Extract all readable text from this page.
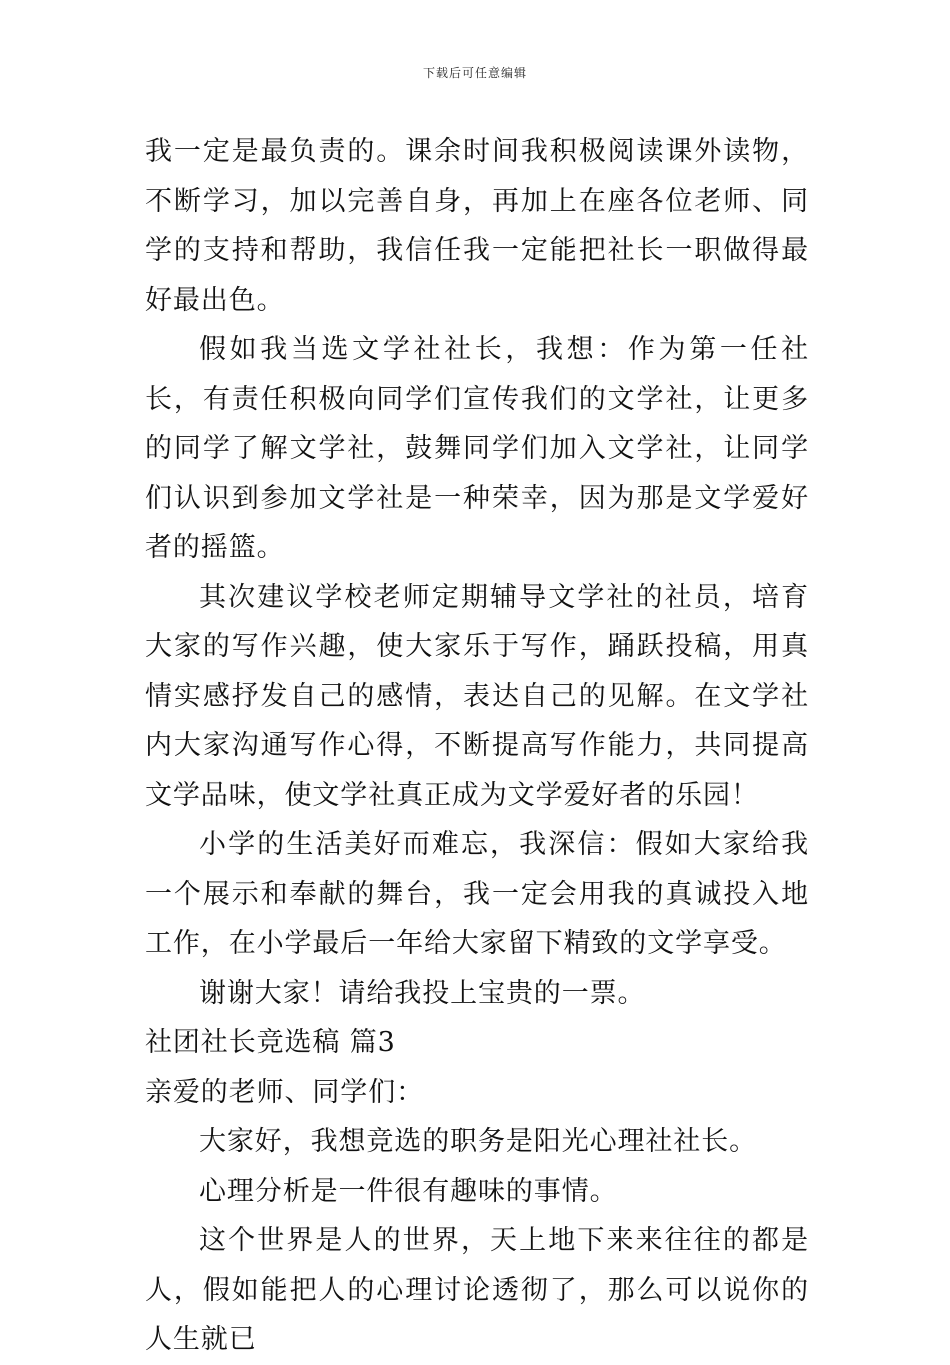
下载后可任意编辑

我一定是最负责的。课余时间我积极阅读课外读物，不断学习，加以完善自身，再加上在座各位老师、同学的支持和帮助，我信任我一定能把社长一职做得最好最出色。

假如我当选文学社社长，我想：作为第一任社长，有责任积极向同学们宣传我们的文学社，让更多的同学了解文学社，鼓舞同学们加入文学社，让同学们认识到参加文学社是一种荣幸，因为那是文学爱好者的摇篮。

其次建议学校老师定期辅导文学社的社员，培育大家的写作兴趣，使大家乐于写作，踊跃投稿，用真情实感抒发自己的感情，表达自己的见解。在文学社内大家沟通写作心得，不断提高写作能力，共同提高文学品味，使文学社真正成为文学爱好者的乐园！

小学的生活美好而难忘，我深信：假如大家给我一个展示和奉献的舞台，我一定会用我的真诚投入地工作，在小学最后一年给大家留下精致的文学享受。

谢谢大家！请给我投上宝贵的一票。

社团社长竞选稿 篇3

亲爱的老师、同学们：

大家好，我想竞选的职务是阳光心理社社长。

心理分析是一件很有趣味的事情。

这个世界是人的世界，天上地下来来往往的都是人，假如能把人的心理讨论透彻了，那么可以说你的人生就已
